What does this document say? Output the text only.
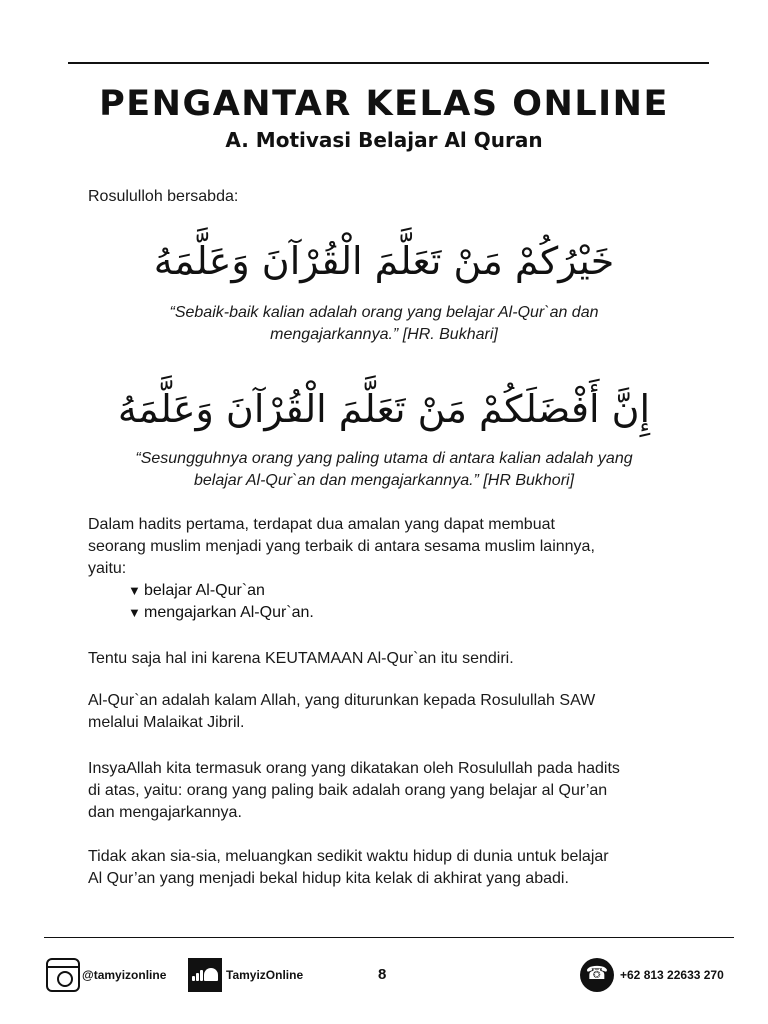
PENGANTAR KELAS ONLINE
A. Motivasi Belajar Al Quran
Rosululloh bersabda:
خَيْرُكُمْ مَنْ تَعَلَّمَ الْقُرْآنَ وَعَلَّمَهُ
“Sebaik-baik kalian adalah orang yang belajar Al-Qur`an dan
mengajarkannya.” [HR. Bukhari]
إِنَّ أَفْضَلَكُمْ مَنْ تَعَلَّمَ الْقُرْآنَ وَعَلَّمَهُ
“Sesungguhnya orang yang paling utama di antara kalian adalah yang
belajar Al-Qur`an dan mengajarkannya.” [HR Bukhori]
Dalam hadits pertama, terdapat dua amalan yang dapat membuat
seorang muslim menjadi yang terbaik di antara sesama muslim lainnya,
yaitu:
▼ belajar Al-Qur`an
▼ mengajarkan Al-Qur`an.
Tentu saja hal ini karena KEUTAMAAN Al-Qur`an itu sendiri.
Al-Qur`an adalah kalam Allah, yang diturunkan kepada Rosulullah SAW
melalui Malaikat Jibril.
InsyaAllah kita termasuk orang yang dikatakan oleh Rosulullah pada hadits
di atas, yaitu: orang yang paling baik adalah orang yang belajar al Qur’an
dan mengajarkannya.
Tidak akan sia-sia, meluangkan sedikit waktu hidup di dunia untuk belajar
Al Qur’an yang menjadi bekal hidup kita kelak di akhirat yang abadi.
@tamyizonline	TamyizOnline	8
☎	+62 813 22633 270
